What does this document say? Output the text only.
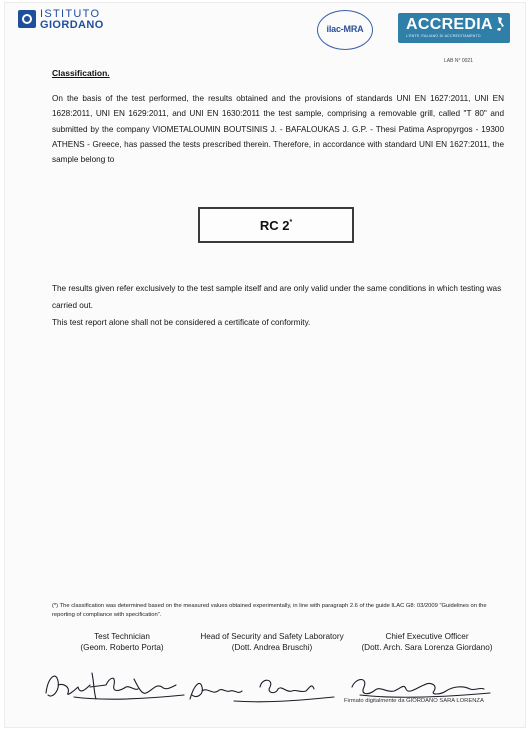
ISTITUTO
GIORDANO	ilac-MRA	ACCREDIA
L'ENTE ITALIANO DI ACCREDITAMENTO
LAB N° 0021
Classification.
On the basis of the test performed, the results obtained and the provisions of standards UNI EN 1627:2011, UNI EN 1628:2011, UNI EN 1629:2011, and UNI EN 1630:2011 the test sample, comprising a removable grill, called "T 80" and submitted by the company VIOMETALOUMIN BOUTSINIS J. - BAFALOUKAS J. G.P. - Thesi Patima Aspropyrgos - 19300 ATHENS - Greece, has passed the tests prescribed therein. Therefore, in accordance with standard UNI EN 1627:2011, the sample belong to
RC 2*
The results given refer exclusively to the test sample itself and are only valid under the same conditions in which testing was carried out.
This test report alone shall not be considered a certificate of conformity.
(*) The classification was determined based on the measured values obtained experimentally, in line with paragraph 2.6 of the guide ILAC G8: 03/2009 "Guidelines on the reporting of compliance with specification".
Test Technician
(Geom. Roberto Porta)
Head of Security and Safety Laboratory
(Dott. Andrea Bruschi)
Chief Executive Officer
(Dott. Arch. Sara Lorenza Giordano)
Firmato digitalmente da GIORDANO SARA LORENZA
